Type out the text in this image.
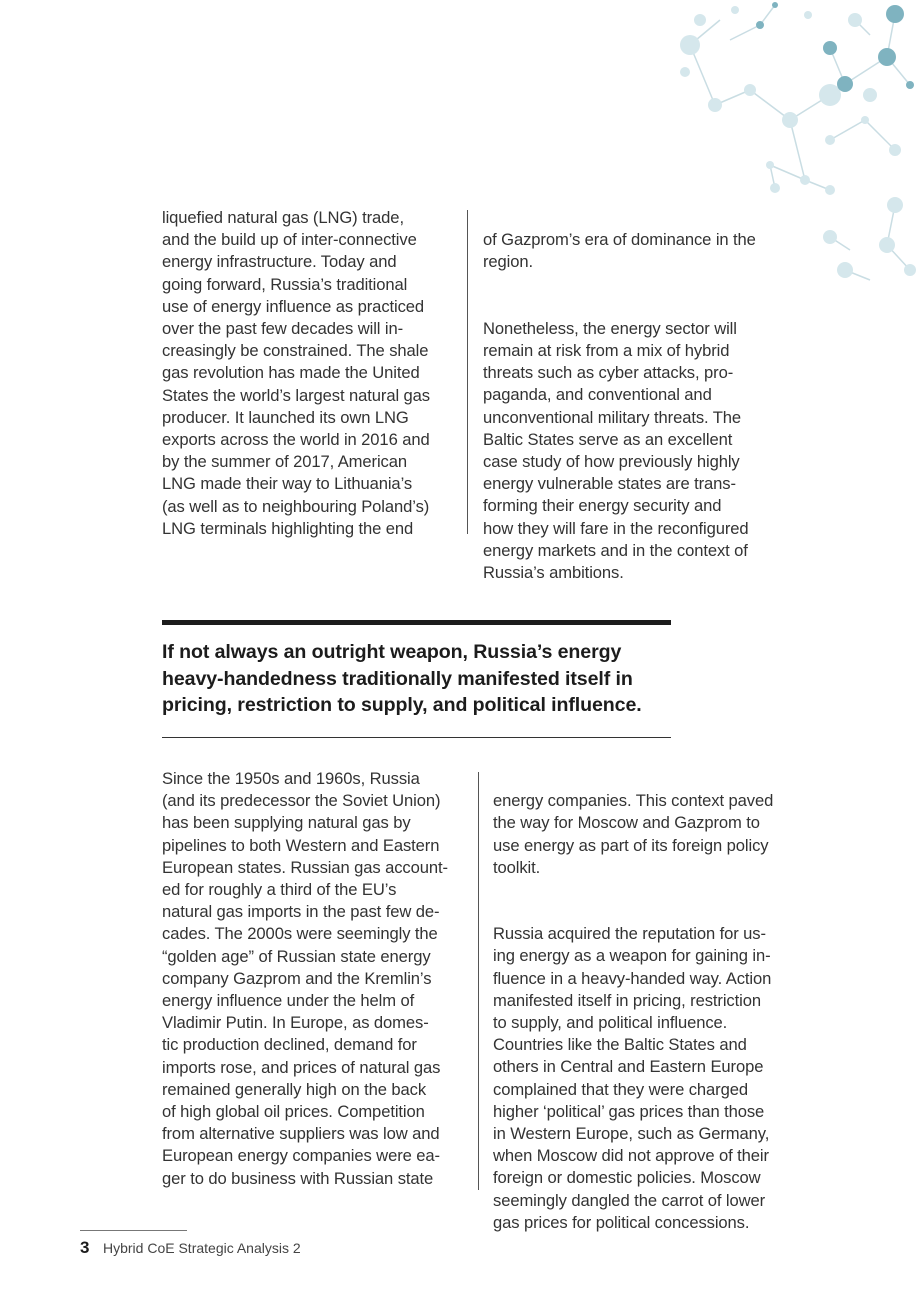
liquefied natural gas (LNG) trade,
and the build up of inter-connective
energy infrastructure. Today and
going forward, Russia’s traditional
use of energy influence as practiced
over the past few decades will in-
creasingly be constrained. The shale
gas revolution has made the United
States the world’s largest natural gas
producer. It launched its own LNG
exports across the world in 2016 and
by the summer of 2017, American
LNG made their way to Lithuania’s
(as well as to neighbouring Poland’s)
LNG terminals highlighting the end

of Gazprom’s era of dominance in the
region.

Nonetheless, the energy sector will
remain at risk from a mix of hybrid
threats such as cyber attacks, pro-
paganda, and conventional and
unconventional military threats. The
Baltic States serve as an excellent
case study of how previously highly
energy vulnerable states are trans-
forming their energy security and
how they will fare in the reconfigured
energy markets and in the context of
Russia’s ambitions.

If not always an outright weapon, Russia’s energy
heavy-handedness traditionally manifested itself in
pricing, restriction to supply, and political influence.
Since the 1950s and 1960s, Russia
(and its predecessor the Soviet Union)
has been supplying natural gas by
pipelines to both Western and Eastern
European states. Russian gas account-
ed for roughly a third of the EU’s
natural gas imports in the past few de-
cades. The 2000s were seemingly the
“golden age” of Russian state energy
company Gazprom and the Kremlin’s
energy influence under the helm of
Vladimir Putin. In Europe, as domes-
tic production declined, demand for
imports rose, and prices of natural gas
remained generally high on the back
of high global oil prices. Competition
from alternative suppliers was low and
European energy companies were ea-
ger to do business with Russian state

energy companies. This context paved
the way for Moscow and Gazprom to
use energy as part of its foreign policy
toolkit.

Russia acquired the reputation for us-
ing energy as a weapon for gaining in-
fluence in a heavy-handed way. Action
manifested itself in pricing, restriction
to supply, and political influence.
Countries like the Baltic States and
others in Central and Eastern Europe
complained that they were charged
higher ‘political’ gas prices than those
in Western Europe, such as Germany,
when Moscow did not approve of their
foreign or domestic policies. Moscow
seemingly dangled the carrot of lower
gas prices for political concessions.

3 Hybrid CoE Strategic Analysis 2
